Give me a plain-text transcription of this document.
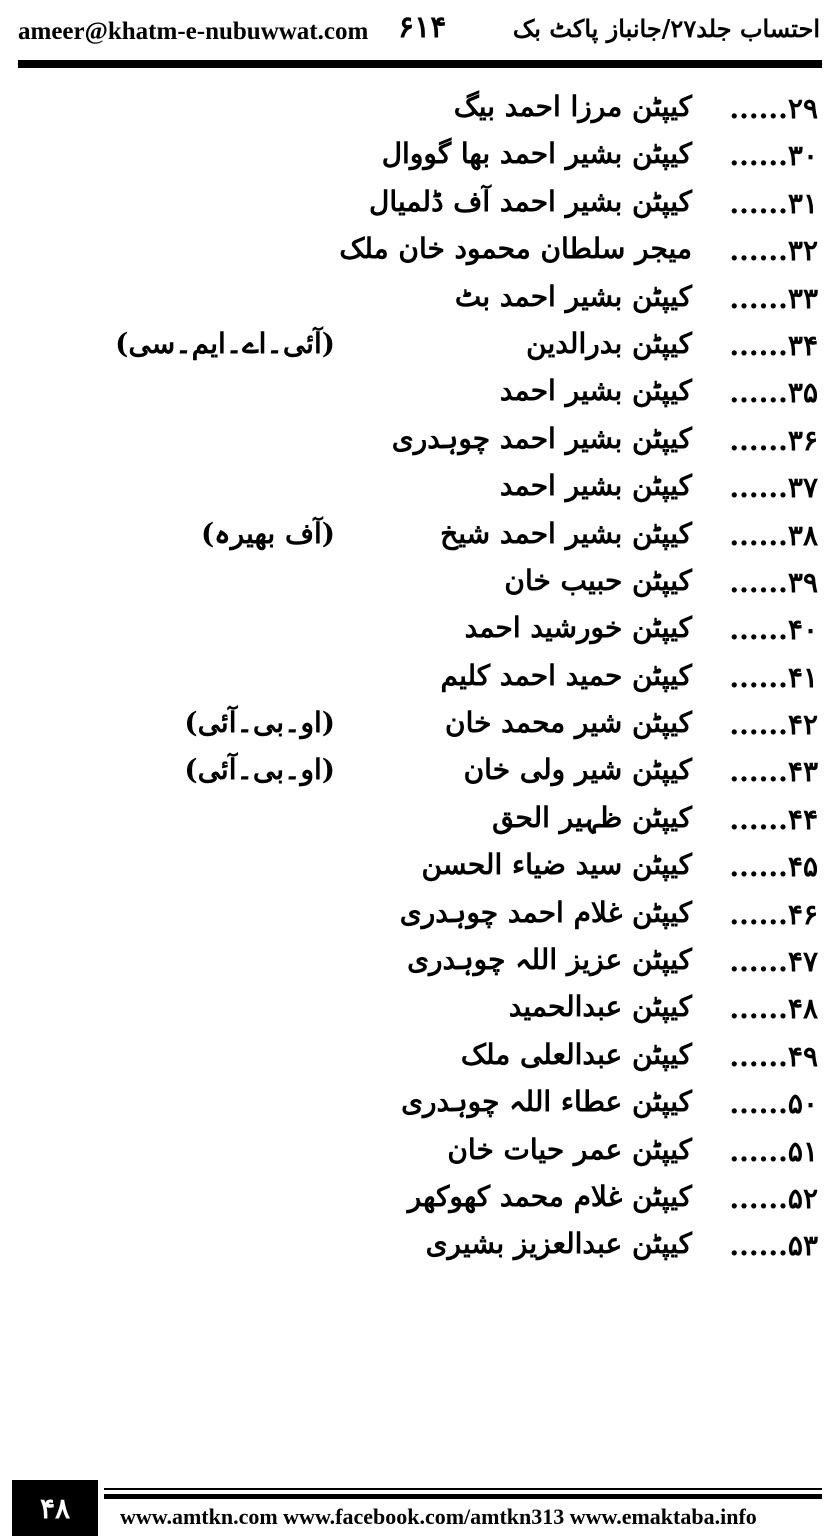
ameer@khatm-e-nubuwwat.com ۶۱۴	احتساب جلد۲۷/جانباز پاکٹ بک
۲۹......
کیپٹن مرزا احمد بیگ
۳۰......
کیپٹن بشیر احمد بھا گووال
۳۱......
کیپٹن بشیر احمد آف ڈلمیال
۳۲......
میجر سلطان محمود خان ملک
۳۳......
کیپٹن بشیر احمد بٹ
۳۴......
کیپٹن بدرالدین
(آئی۔اے۔ایم۔سی)
۳۵......
کیپٹن بشیر احمد
۳۶......
کیپٹن بشیر احمد چوہدری
۳۷......
کیپٹن بشیر احمد
۳۸......
کیپٹن بشیر احمد شیخ
(آف بھیرہ)
۳۹......
کیپٹن حبیب خان
۴۰......
کیپٹن خورشید احمد
۴۱......
کیپٹن حمید احمد کلیم
۴۲......
کیپٹن شیر محمد خان
(او۔بی۔آئی)
۴۳......
کیپٹن شیر ولی خان
(او۔بی۔آئی)
۴۴......
کیپٹن ظہیر الحق
۴۵......
کیپٹن سید ضیاء الحسن
۴۶......
کیپٹن غلام احمد چوہدری
۴۷......
کیپٹن عزیز اللہ چوہدری
۴۸......
کیپٹن عبدالحمید
۴۹......
کیپٹن عبدالعلی ملک
۵۰......
کیپٹن عطاء اللہ چوہدری
۵۱......
کیپٹن عمر حیات خان
۵۲......
کیپٹن غلام محمد کھوکھر
۵۳......
کیپٹن عبدالعزیز بشیری
۴۸	www.amtkn.com www.facebook.com/amtkn313 www.emaktaba.info
